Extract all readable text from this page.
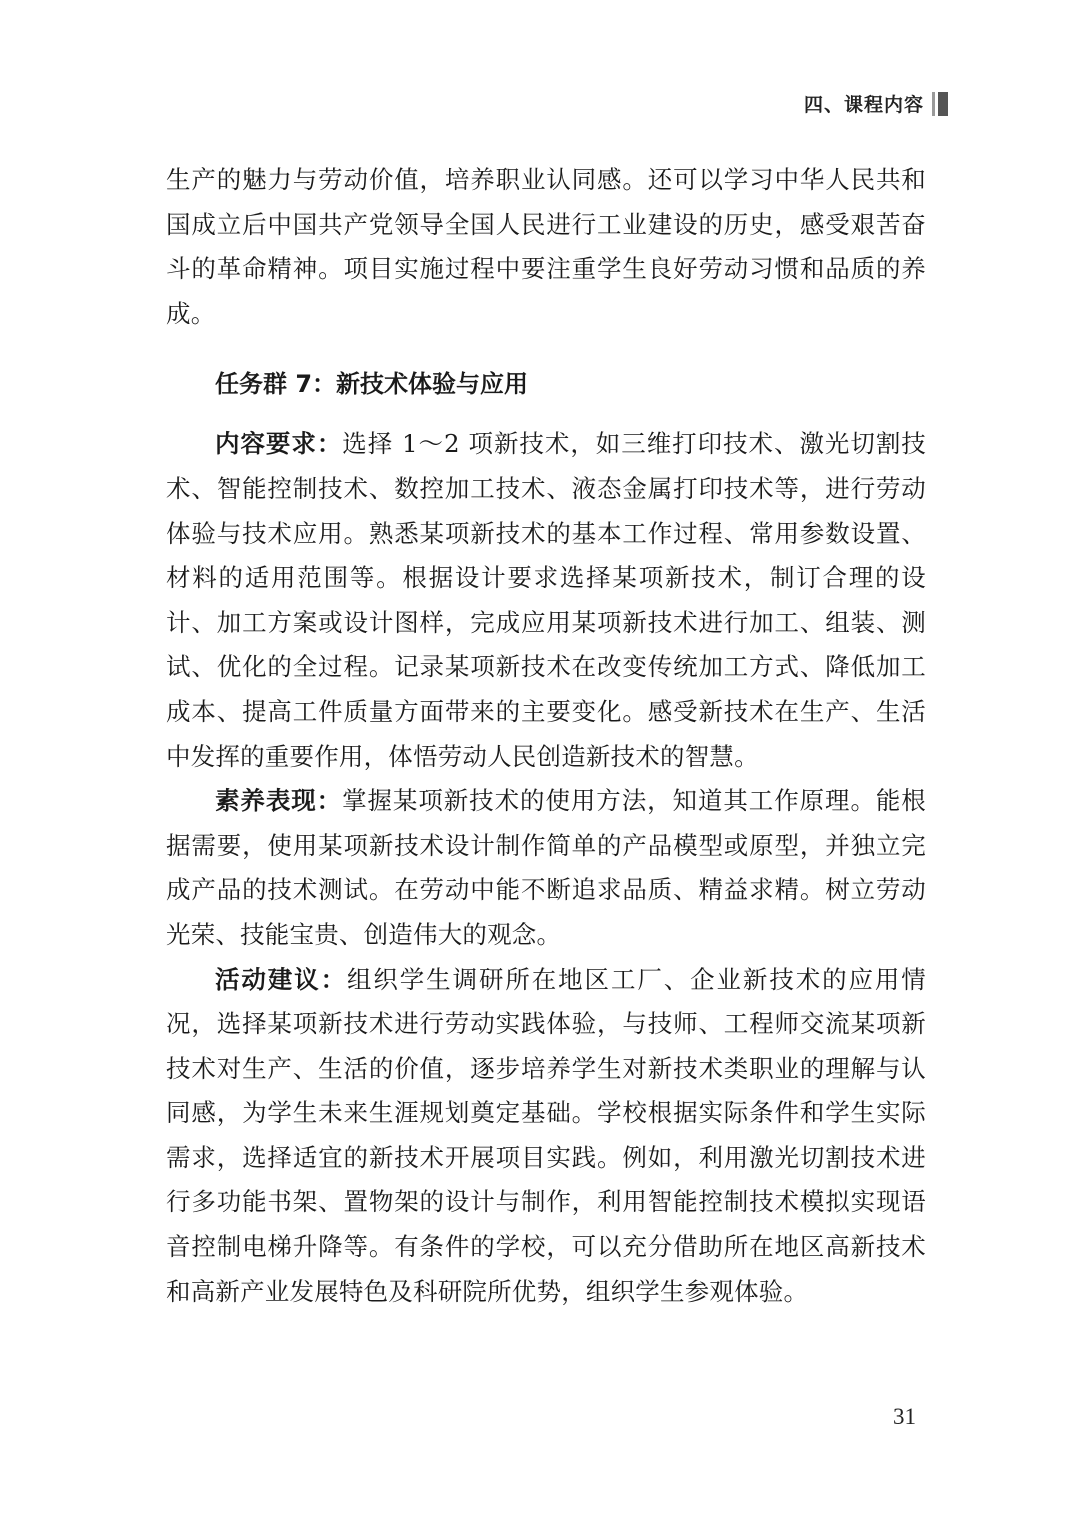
四、课程内容

生产的魅力与劳动价值，培养职业认同感。还可以学习中华人民共和国成立后中国共产党领导全国人民进行工业建设的历史，感受艰苦奋斗的革命精神。项目实施过程中要注重学生良好劳动习惯和品质的养成。

任务群 7：新技术体验与应用

内容要求：选择 1～2 项新技术，如三维打印技术、激光切割技术、智能控制技术、数控加工技术、液态金属打印技术等，进行劳动体验与技术应用。熟悉某项新技术的基本工作过程、常用参数设置、材料的适用范围等。根据设计要求选择某项新技术，制订合理的设计、加工方案或设计图样，完成应用某项新技术进行加工、组装、测试、优化的全过程。记录某项新技术在改变传统加工方式、降低加工成本、提高工件质量方面带来的主要变化。感受新技术在生产、生活中发挥的重要作用，体悟劳动人民创造新技术的智慧。

素养表现：掌握某项新技术的使用方法，知道其工作原理。能根据需要，使用某项新技术设计制作简单的产品模型或原型，并独立完成产品的技术测试。在劳动中能不断追求品质、精益求精。树立劳动光荣、技能宝贵、创造伟大的观念。

活动建议：组织学生调研所在地区工厂、企业新技术的应用情况，选择某项新技术进行劳动实践体验，与技师、工程师交流某项新技术对生产、生活的价值，逐步培养学生对新技术类职业的理解与认同感，为学生未来生涯规划奠定基础。学校根据实际条件和学生实际需求，选择适宜的新技术开展项目实践。例如，利用激光切割技术进行多功能书架、置物架的设计与制作，利用智能控制技术模拟实现语音控制电梯升降等。有条件的学校，可以充分借助所在地区高新技术和高新产业发展特色及科研院所优势，组织学生参观体验。

31
